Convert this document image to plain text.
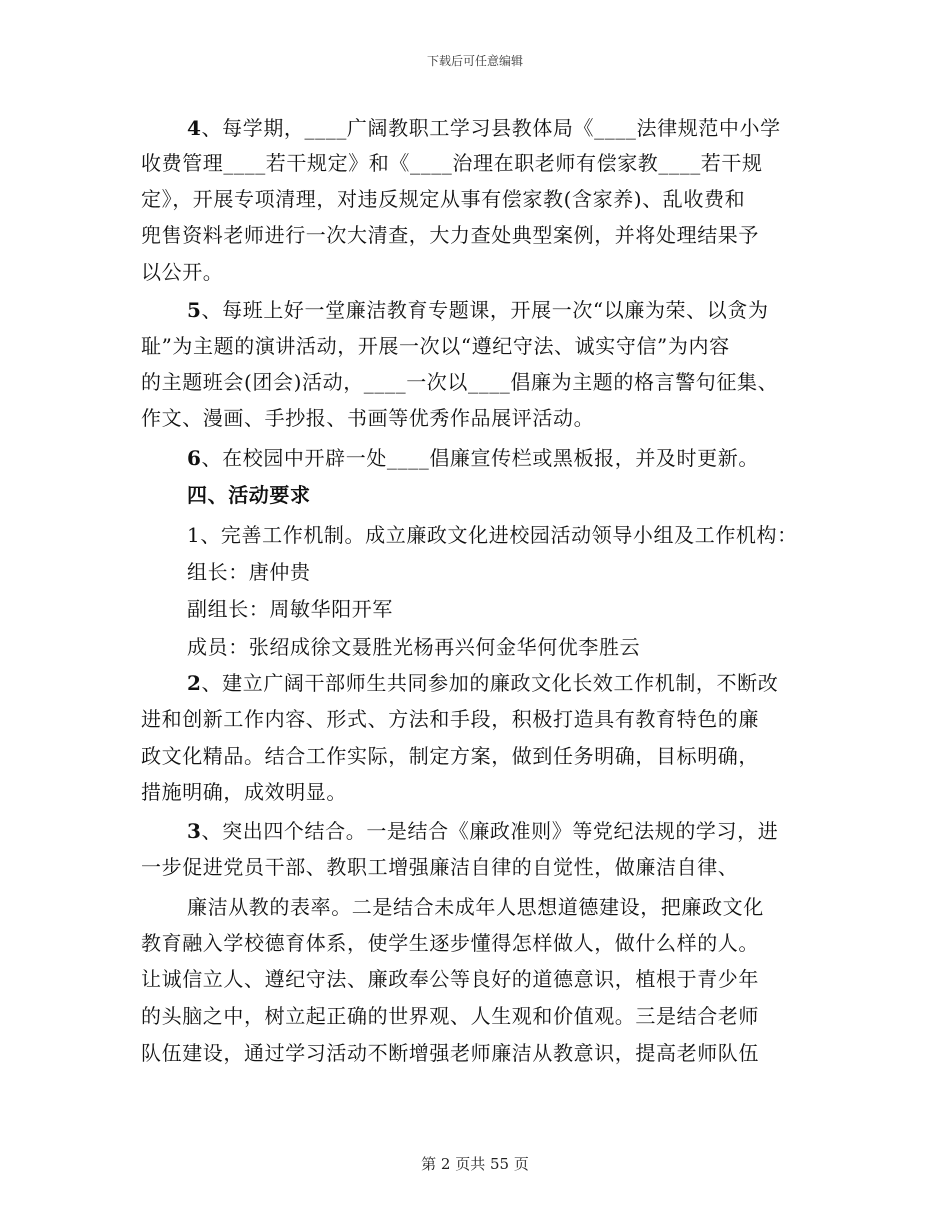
下载后可任意编辑
4、每学期，____广阔教职工学习县教体局《____法律规范中小学
收费管理____若干规定》和《____治理在职老师有偿家教____若干规
定》，开展专项清理，对违反规定从事有偿家教(含家养)、乱收费和
兜售资料老师进行一次大清查，大力查处典型案例，并将处理结果予
以公开。
5、每班上好一堂廉洁教育专题课，开展一次“以廉为荣、以贪为
耻”为主题的演讲活动，开展一次以“遵纪守法、诚实守信”为内容
的主题班会(团会)活动，____一次以____倡廉为主题的格言警句征集、
作文、漫画、手抄报、书画等优秀作品展评活动。
6、在校园中开辟一处____倡廉宣传栏或黑板报，并及时更新。
四、活动要求
1、完善工作机制。成立廉政文化进校园活动领导小组及工作机构：
组长：唐仲贵
副组长：周敏华阳开军
成员：张绍成徐文聂胜光杨再兴何金华何优李胜云
2、建立广阔干部师生共同参加的廉政文化长效工作机制，不断改
进和创新工作内容、形式、方法和手段，积极打造具有教育特色的廉
政文化精品。结合工作实际，制定方案，做到任务明确，目标明确，
措施明确，成效明显。
3、突出四个结合。一是结合《廉政准则》等党纪法规的学习，进
一步促进党员干部、教职工增强廉洁自律的自觉性，做廉洁自律、
廉洁从教的表率。二是结合未成年人思想道德建设，把廉政文化
教育融入学校德育体系，使学生逐步懂得怎样做人，做什么样的人。
让诚信立人、遵纪守法、廉政奉公等良好的道德意识，植根于青少年
的头脑之中，树立起正确的世界观、人生观和价值观。三是结合老师
队伍建设，通过学习活动不断增强老师廉洁从教意识，提高老师队伍
第 2 页共 55 页
